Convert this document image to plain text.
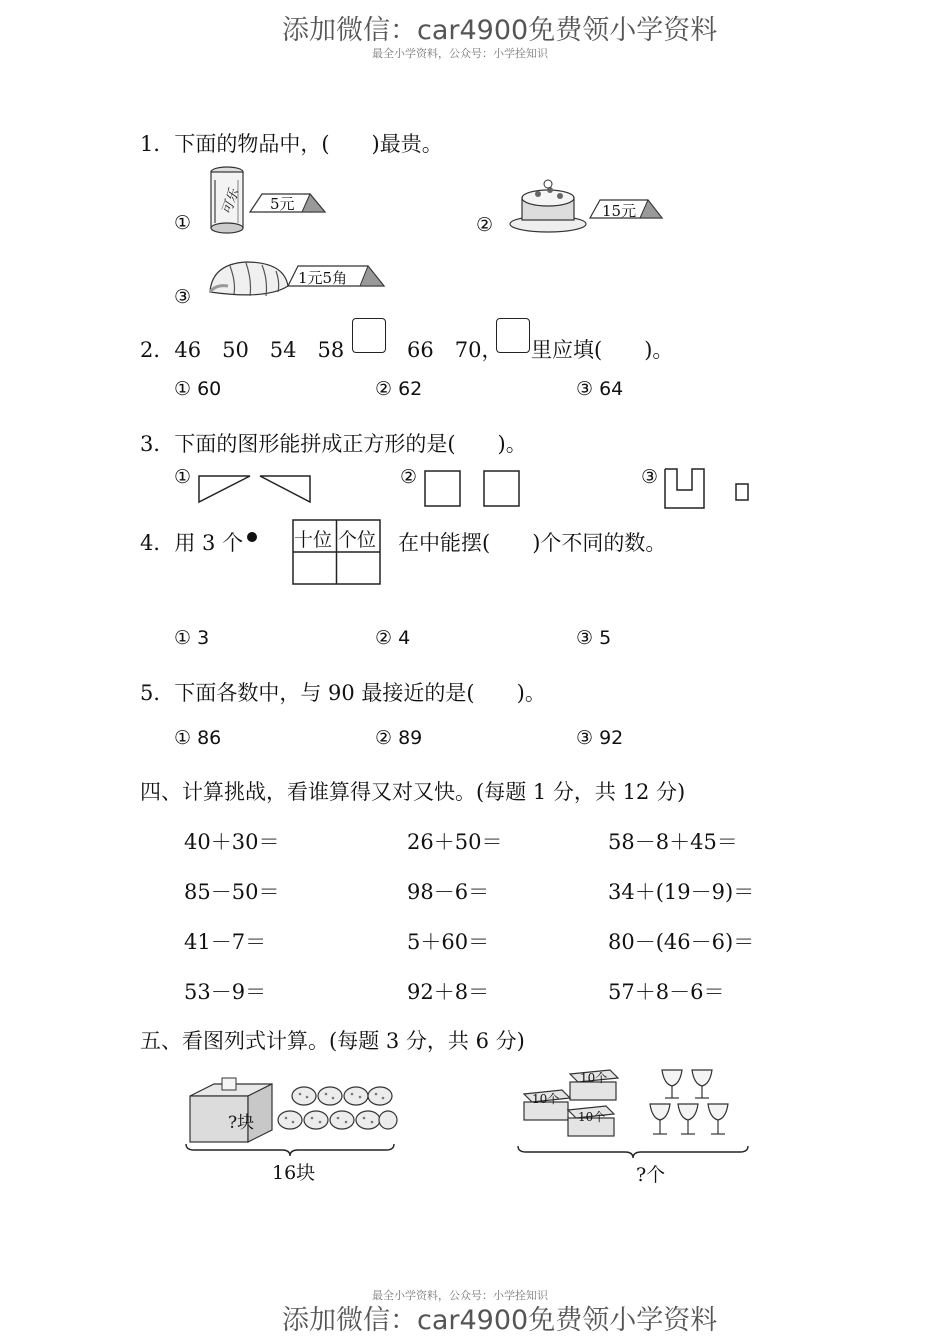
添加微信：car4900免费领小学资料
最全小学资料，公众号：小学拴知识
1．下面的物品中，(　　)最贵。
①
可乐 5元
②
15元
③
1元5角
2．46　50　54　58	66　70， 里应填(　　)。
① 60	② 62	③ 64
3．下面的图形能拼成正方形的是(　　)。
①	②	③
4．用 3 个	十位 个位 在中能摆(　　)个不同的数。
① 3	② 4	③ 5
5．下面各数中，与 90 最接近的是(　　)。
① 86	② 89	③ 92
四、计算挑战，看谁算得又对又快。(每题 1 分，共 12 分)
40＋30＝	26＋50＝	58－8＋45＝
85－50＝	98－6＝	34＋(19－9)＝
41－7＝	5＋60＝	80－(46－6)＝
53－9＝	92＋8＝	57＋8－6＝
五、看图列式计算。(每题 3 分，共 6 分)
?块
16块
10个
10个
10个
?个
最全小学资料，公众号：小学拴知识
添加微信：car4900免费领小学资料
